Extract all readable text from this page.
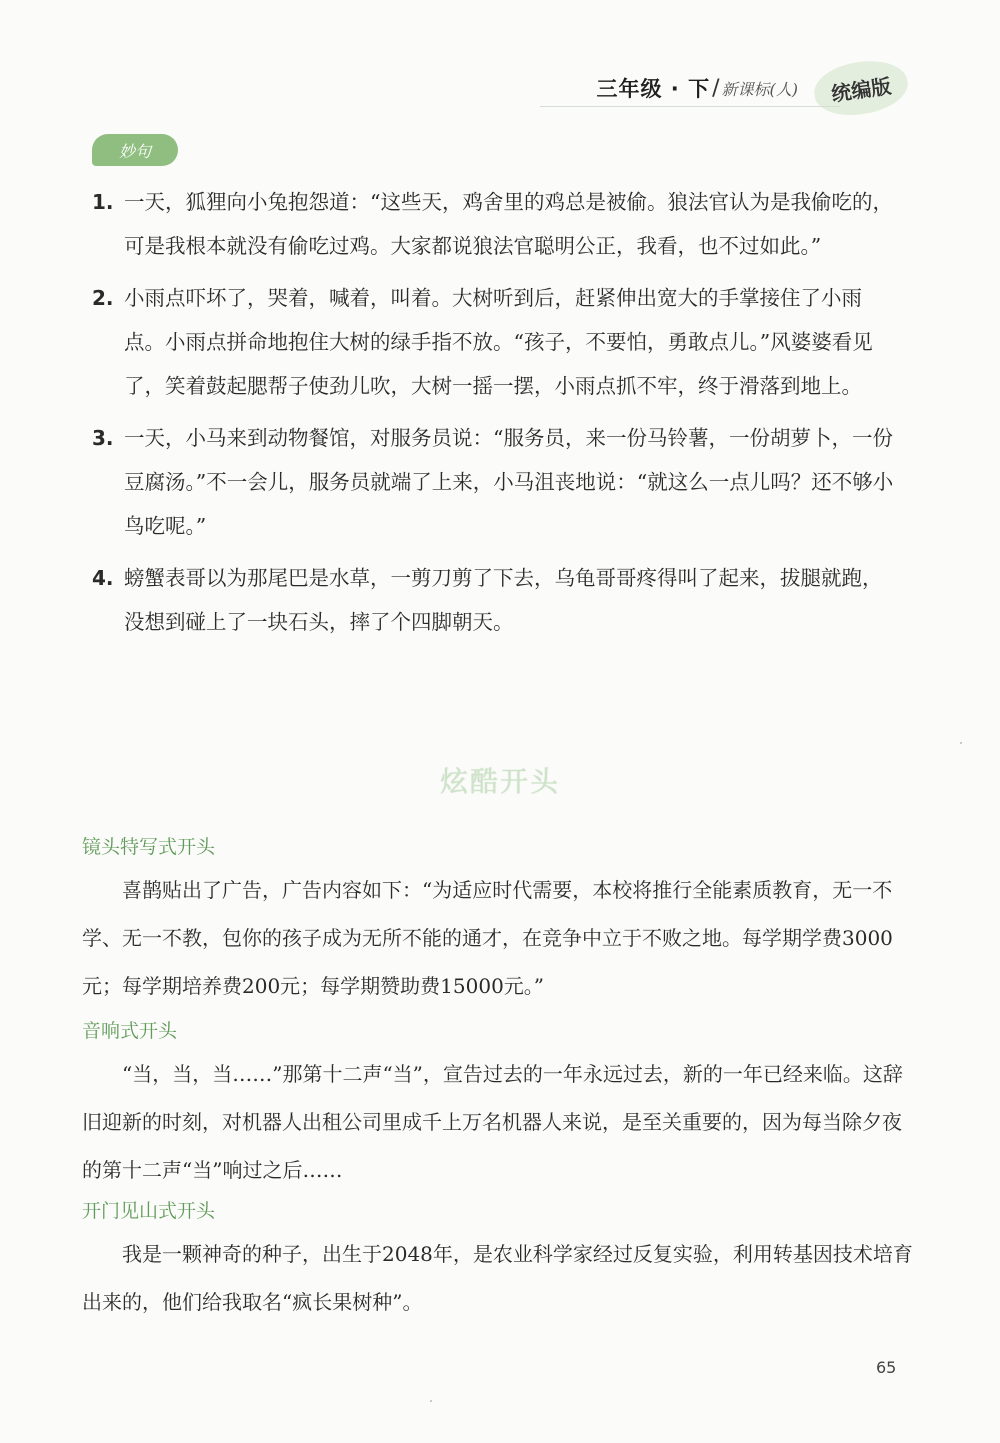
三年级 · 下 / 新课标(人) 统编版
妙句
1. 一天，狐狸向小兔抱怨道：“这些天，鸡舍里的鸡总是被偷。狼法官认为是我偷吃的，可是我根本就没有偷吃过鸡。大家都说狼法官聪明公正，我看，也不过如此。”
2. 小雨点吓坏了，哭着，喊着，叫着。大树听到后，赶紧伸出宽大的手掌接住了小雨点。小雨点拼命地抱住大树的绿手指不放。“孩子，不要怕，勇敢点儿。”风婆婆看见了，笑着鼓起腮帮子使劲儿吹，大树一摇一摆，小雨点抓不牢，终于滑落到地上。
3. 一天，小马来到动物餐馆，对服务员说：“服务员，来一份马铃薯，一份胡萝卜，一份豆腐汤。”不一会儿，服务员就端了上来，小马沮丧地说：“就这么一点儿吗？还不够小鸟吃呢。”
4. 螃蟹表哥以为那尾巴是水草，一剪刀剪了下去，乌龟哥哥疼得叫了起来，拔腿就跑，没想到碰上了一块石头，摔了个四脚朝天。
炫酷开头
镜头特写式开头
喜鹊贴出了广告，广告内容如下：“为适应时代需要，本校将推行全能素质教育，无一不学、无一不教，包你的孩子成为无所不能的通才，在竞争中立于不败之地。每学期学费3000元；每学期培养费200元；每学期赞助费15000元。”
音响式开头
“当，当，当……”那第十二声“当”，宣告过去的一年永远过去，新的一年已经来临。这辞旧迎新的时刻，对机器人出租公司里成千上万名机器人来说，是至关重要的，因为每当除夕夜的第十二声“当”响过之后……
开门见山式开头
我是一颗神奇的种子，出生于2048年，是农业科学家经过反复实验，利用转基因技术培育出来的，他们给我取名“疯长果树种”。
65
